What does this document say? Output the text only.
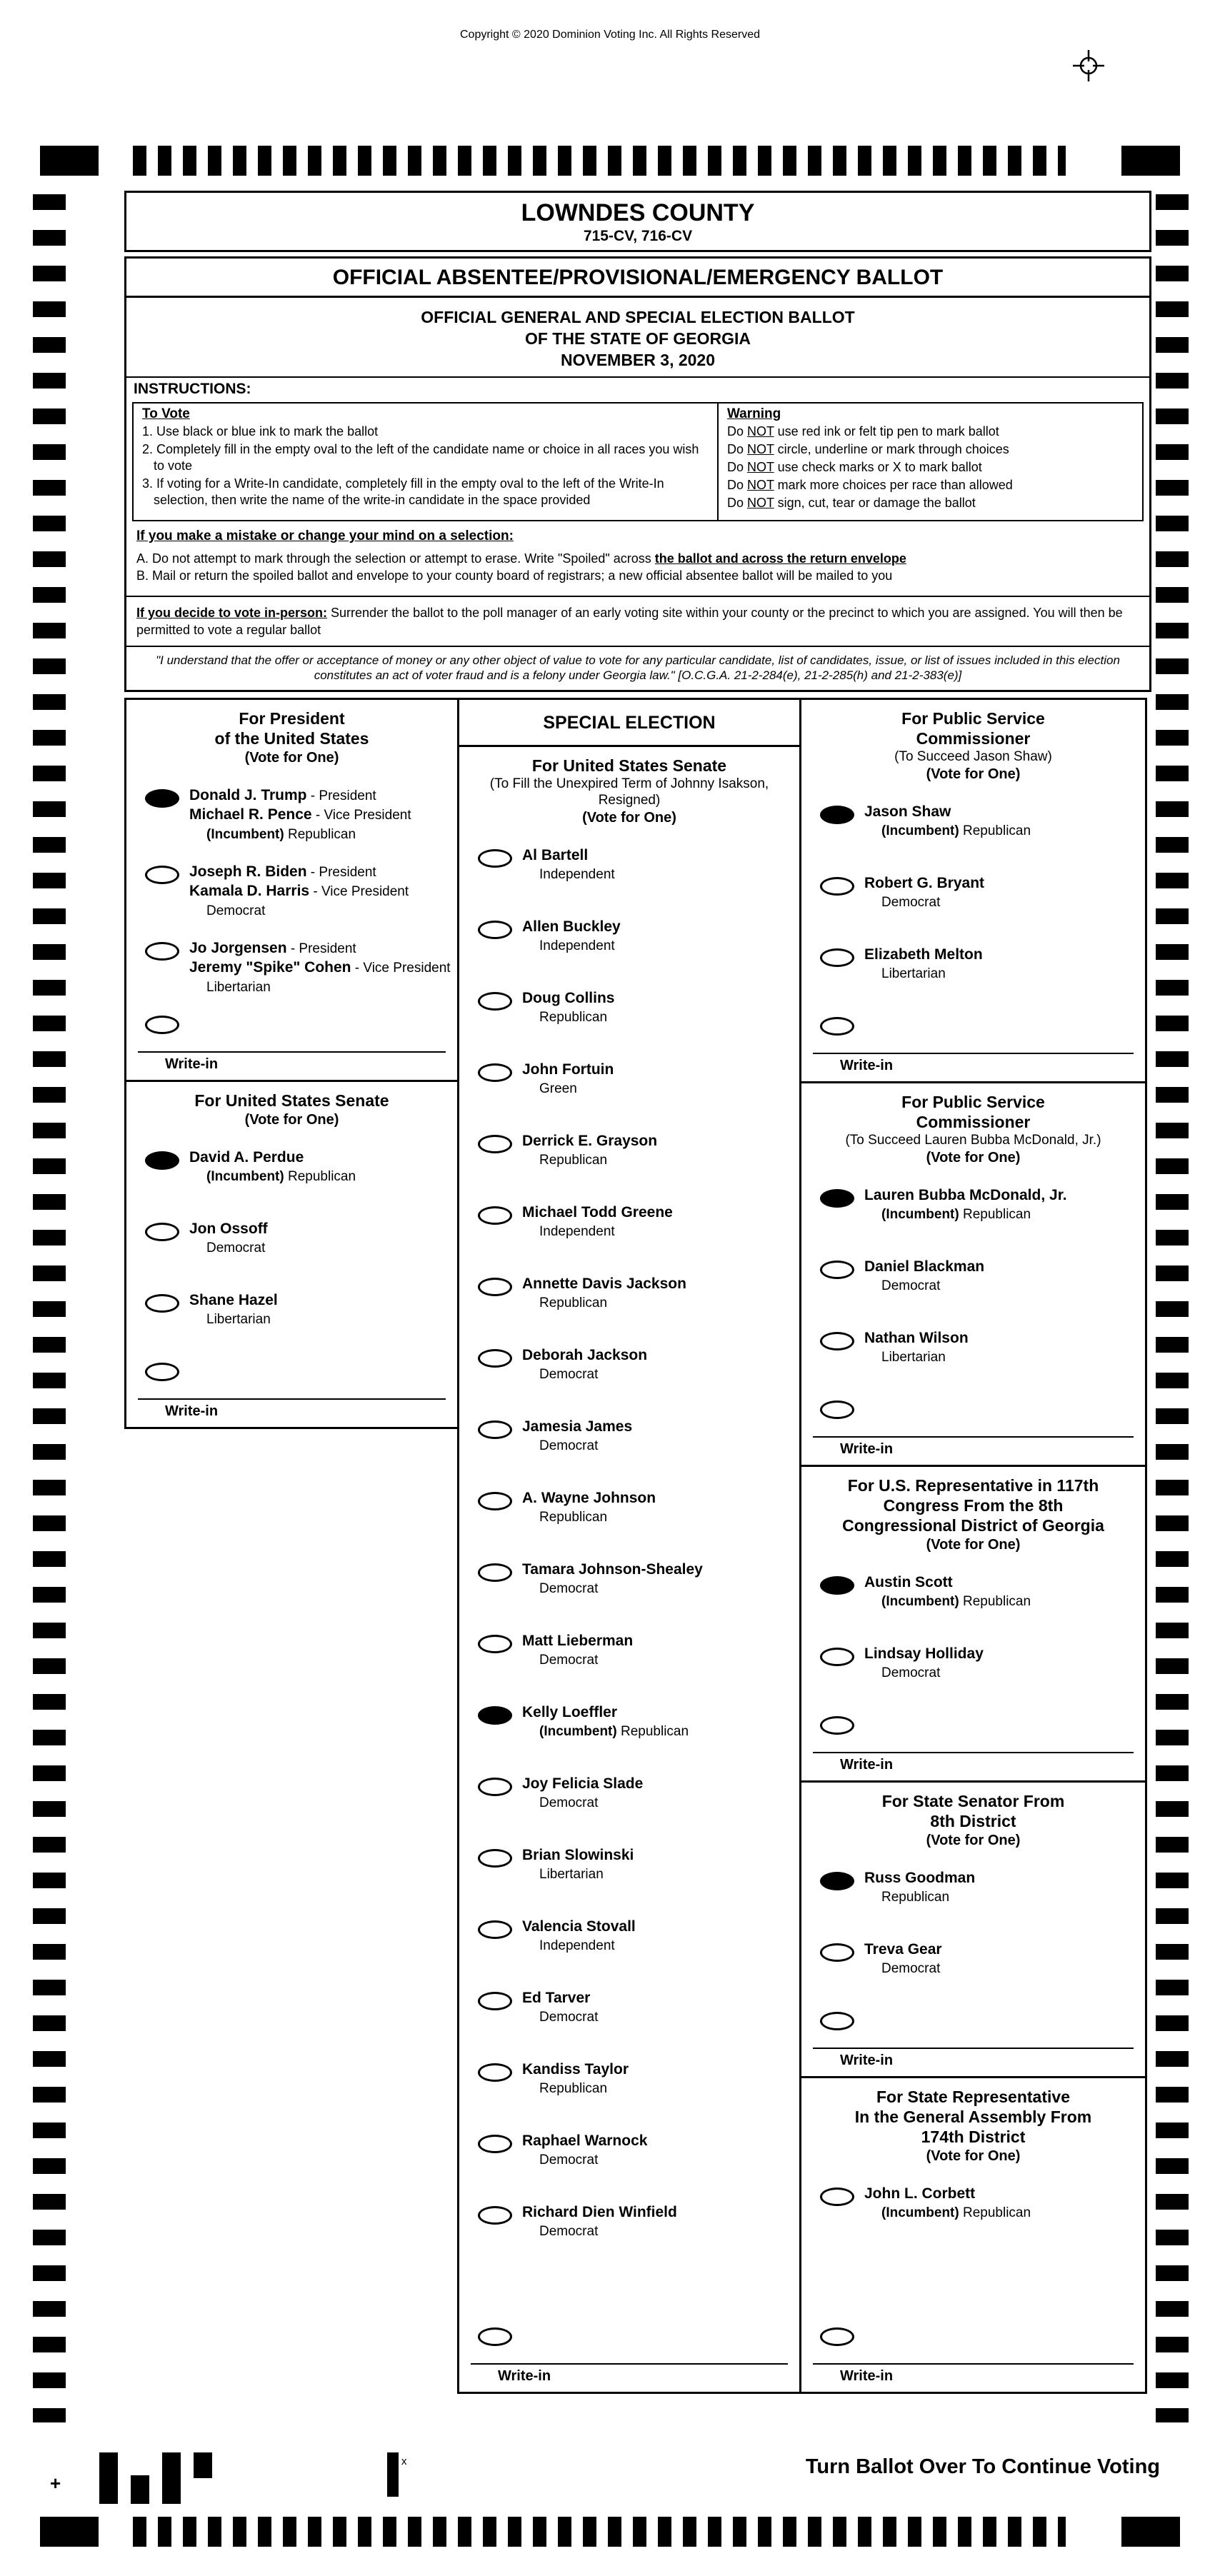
Copyright © 2020 Dominion Voting Inc. All Rights Reserved
LOWNDES COUNTY
715-CV, 716-CV
OFFICIAL ABSENTEE/PROVISIONAL/EMERGENCY BALLOT
OFFICIAL GENERAL AND SPECIAL ELECTION BALLOT
OF THE STATE OF GEORGIA
NOVEMBER 3, 2020
INSTRUCTIONS:
To Vote
1. Use black or blue ink to mark the ballot
2. Completely fill in the empty oval to the left of the candidate name or choice in all races you wish to vote
3. If voting for a Write-In candidate, completely fill in the empty oval to the left of the Write-In selection, then write the name of the write-in candidate in the space provided
Warning
Do NOT use red ink or felt tip pen to mark ballot
Do NOT circle, underline or mark through choices
Do NOT use check marks or X to mark ballot
Do NOT mark more choices per race than allowed
Do NOT sign, cut, tear or damage the ballot
If you make a mistake or change your mind on a selection:
A. Do not attempt to mark through the selection or attempt to erase. Write "Spoiled" across the ballot and across the return envelope
B. Mail or return the spoiled ballot and envelope to your county board of registrars; a new official absentee ballot will be mailed to you
If you decide to vote in-person: Surrender the ballot to the poll manager of an early voting site within your county or the precinct to which you are assigned. You will then be permitted to vote a regular ballot
"I understand that the offer or acceptance of money or any other object of value to vote for any particular candidate, list of candidates, issue, or list of issues included in this election constitutes an act of voter fraud and is a felony under Georgia law." [O.C.G.A. 21-2-284(e), 21-2-285(h) and 21-2-383(e)]
For President
of the United States
(Vote for One)
Donald J. Trump - President
Michael R. Pence - Vice President
(Incumbent) Republican
Joseph R. Biden - President
Kamala D. Harris - Vice President
Democrat
Jo Jorgensen - President
Jeremy "Spike" Cohen - Vice President
Libertarian
Write-in
For United States Senate
(Vote for One)
David A. Perdue
(Incumbent) Republican
Jon Ossoff
Democrat
Shane Hazel
Libertarian
Write-in
SPECIAL ELECTION
For United States Senate
(To Fill the Unexpired Term of Johnny Isakson, Resigned)
(Vote for One)
Al Bartell
Independent
Allen Buckley
Independent
Doug Collins
Republican
John Fortuin
Green
Derrick E. Grayson
Republican
Michael Todd Greene
Independent
Annette Davis Jackson
Republican
Deborah Jackson
Democrat
Jamesia James
Democrat
A. Wayne Johnson
Republican
Tamara Johnson-Shealey
Democrat
Matt Lieberman
Democrat
Kelly Loeffler
(Incumbent) Republican
Joy Felicia Slade
Democrat
Brian Slowinski
Libertarian
Valencia Stovall
Independent
Ed Tarver
Democrat
Kandiss Taylor
Republican
Raphael Warnock
Democrat
Richard Dien Winfield
Democrat
Write-in
For Public Service
Commissioner
(To Succeed Jason Shaw)
(Vote for One)
Jason Shaw
(Incumbent) Republican
Robert G. Bryant
Democrat
Elizabeth Melton
Libertarian
Write-in
For Public Service
Commissioner
(To Succeed Lauren Bubba McDonald, Jr.)
(Vote for One)
Lauren Bubba McDonald, Jr.
(Incumbent) Republican
Daniel Blackman
Democrat
Nathan Wilson
Libertarian
Write-in
For U.S. Representative in 117th
Congress From the 8th
Congressional District of Georgia
(Vote for One)
Austin Scott
(Incumbent) Republican
Lindsay Holliday
Democrat
Write-in
For State Senator From
8th District
(Vote for One)
Russ Goodman
Republican
Treva Gear
Democrat
Write-in
For State Representative
In the General Assembly From
174th District
(Vote for One)
John L. Corbett
(Incumbent) Republican
Write-in
Turn Ballot Over To Continue Voting
+
x
